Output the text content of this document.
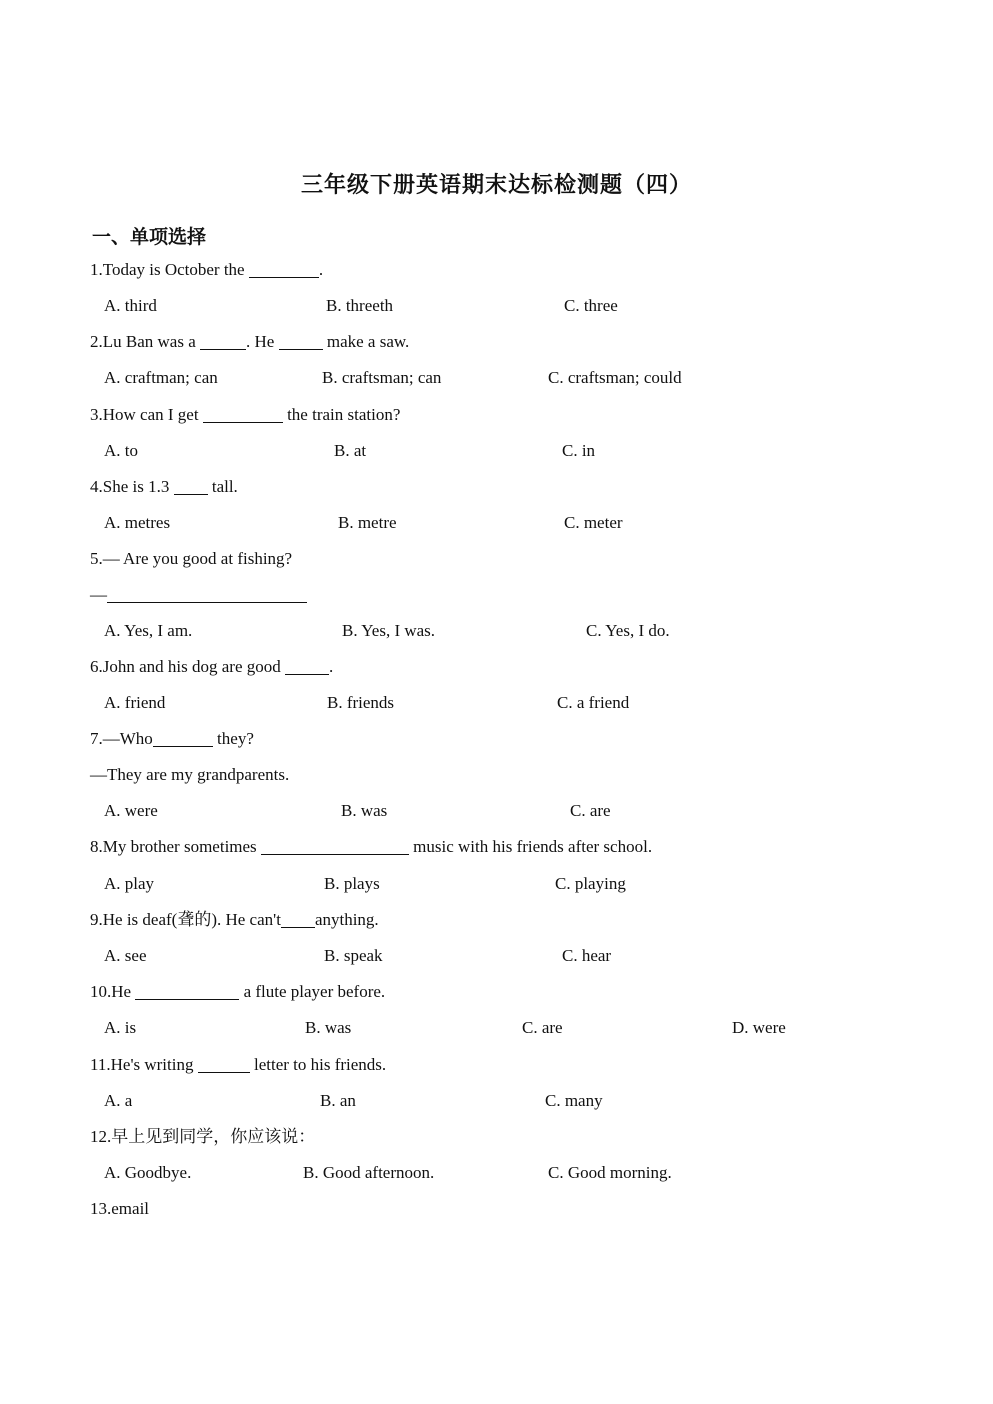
三年级下册英语期末达标检测题（四）
一、单项选择
1.Today is October the	.
A. third	B. threeth	C. three
2.Lu Ban was a	. He	make a saw.
A. craftman; can	B. craftsman; can	C. craftsman; could
3.How can I get	the train station?
A. to	B. at	C. in
4.She is 1.3  tall.
A. metres	B. metre	C. meter
5.— Are you good at fishing?
—
A. Yes, I am.	B. Yes, I was.	C. Yes, I do.
6.John and his dog are good	.
A. friend	B. friends	C. a friend
7.—Who	they?
—They are my grandparents.
A. were	B. was	C. are
8.My brother sometimes	music with his friends after school.
A. play	B. plays	C. playing
9.He is deaf(聋的). He can't anything.
A. see	B. speak	C. hear
10.He	a flute player before.
A. is	B. was	C. are	D. were
11.He's writing	letter to his friends.
A. a	B. an	C. many
12.早上见到同学，你应该说：
A. Goodbye.	B. Good afternoon.	C. Good morning.
13.email
